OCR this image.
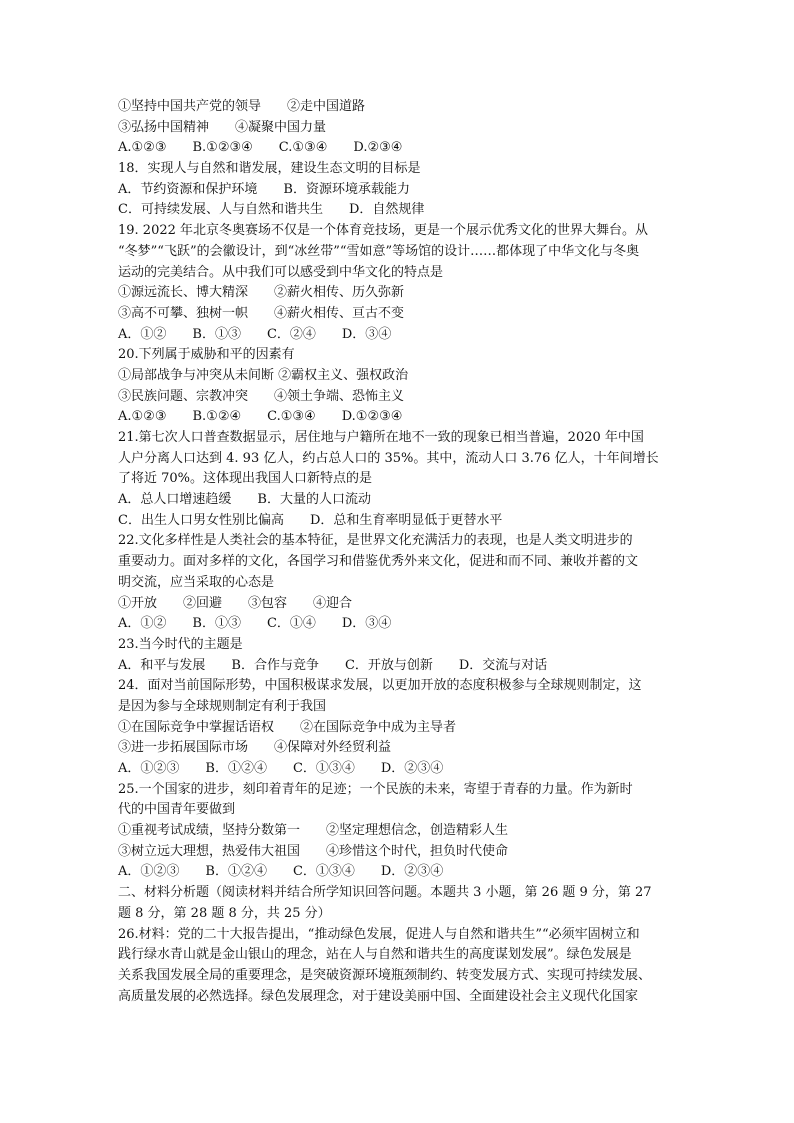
①坚持中国共产党的领导　　②走中国道路
③弘扬中国精神　　④凝聚中国力量
A.①②③　　B.①②③④　　C.①③④　　D.②③④
18．实现人与自然和谐发展，建设生态文明的目标是
A．节约资源和保护环境　　B．资源环境承载能力
C．可持续发展、人与自然和谐共生　　D．自然规律
19. 2022 年北京冬奥赛场不仅是一个体育竞技场，更是一个展示优秀文化的世界大舞台。从
“冬梦”“飞跃”的会徽设计，到“冰丝带”“雪如意”等场馆的设计……都体现了中华文化与冬奥
运动的完美结合。从中我们可以感受到中华文化的特点是
①源远流长、博大精深　　②薪火相传、历久弥新
③高不可攀、独树一帜　　④薪火相传、亘古不变
A．①②　　B．①③　　C．②④　　D．③④
20.下列属于威胁和平的因素有
①局部战争与冲突从未间断 ②霸权主义、强权政治
③民族问题、宗教冲突　　④领土争端、恐怖主义
A.①②③　　B.①②④　　C.①③④　　D.①②③④
21.第七次人口普查数据显示，居住地与户籍所在地不一致的现象已相当普遍，2020 年中国
人户分离人口达到 4. 93 亿人，约占总人口的 35%。其中，流动人口 3.76 亿人，十年间增长
了将近 70%。这体现出我国人口新特点的是
A．总人口增速趋缓　　B．大量的人口流动
C．出生人口男女性别比偏高　　D．总和生育率明显低于更替水平
22.文化多样性是人类社会的基本特征，是世界文化充满活力的表现，也是人类文明进步的
重要动力。面对多样的文化，各国学习和借鉴优秀外来文化，促进和而不同、兼收并蓄的文
明交流，应当采取的心态是
①开放　　②回避　　③包容　　④迎合
A．①②　　B．①③　　C．①④　　D．③④
23.当今时代的主题是
A．和平与发展　　B．合作与竞争　　C．开放与创新　　D．交流与对话
24．面对当前国际形势，中国积极谋求发展，以更加开放的态度积极参与全球规则制定，这
是因为参与全球规则制定有利于我国
①在国际竞争中掌握话语权　　②在国际竞争中成为主导者
③进一步拓展国际市场　　④保障对外经贸利益
A．①②③　　B．①②④　　C．①③④　　D．②③④
25.一个国家的进步，刻印着青年的足迹；一个民族的未来，寄望于青春的力量。作为新时
代的中国青年要做到
①重视考试成绩，坚持分数第一　　②坚定理想信念，创造精彩人生
③树立远大理想，热爱伟大祖国　　④珍惜这个时代，担负时代使命
A．①②③　　B．①②④　　C．①③④　　D．②③④
二、材料分析题（阅读材料并结合所学知识回答问题。本题共 3 小题，第 26 题 9 分，第 27
题 8 分，第 28 题 8 分，共 25 分）
26.材料：党的二十大报告提出，“推动绿色发展，促进人与自然和谐共生”“必须牢固树立和
践行绿水青山就是金山银山的理念，站在人与自然和谐共生的高度谋划发展”。绿色发展是
关系我国发展全局的重要理念，是突破资源环境瓶颈制约、转变发展方式、实现可持续发展、
高质量发展的必然选择。绿色发展理念，对于建设美丽中国、全面建设社会主义现代化国家
